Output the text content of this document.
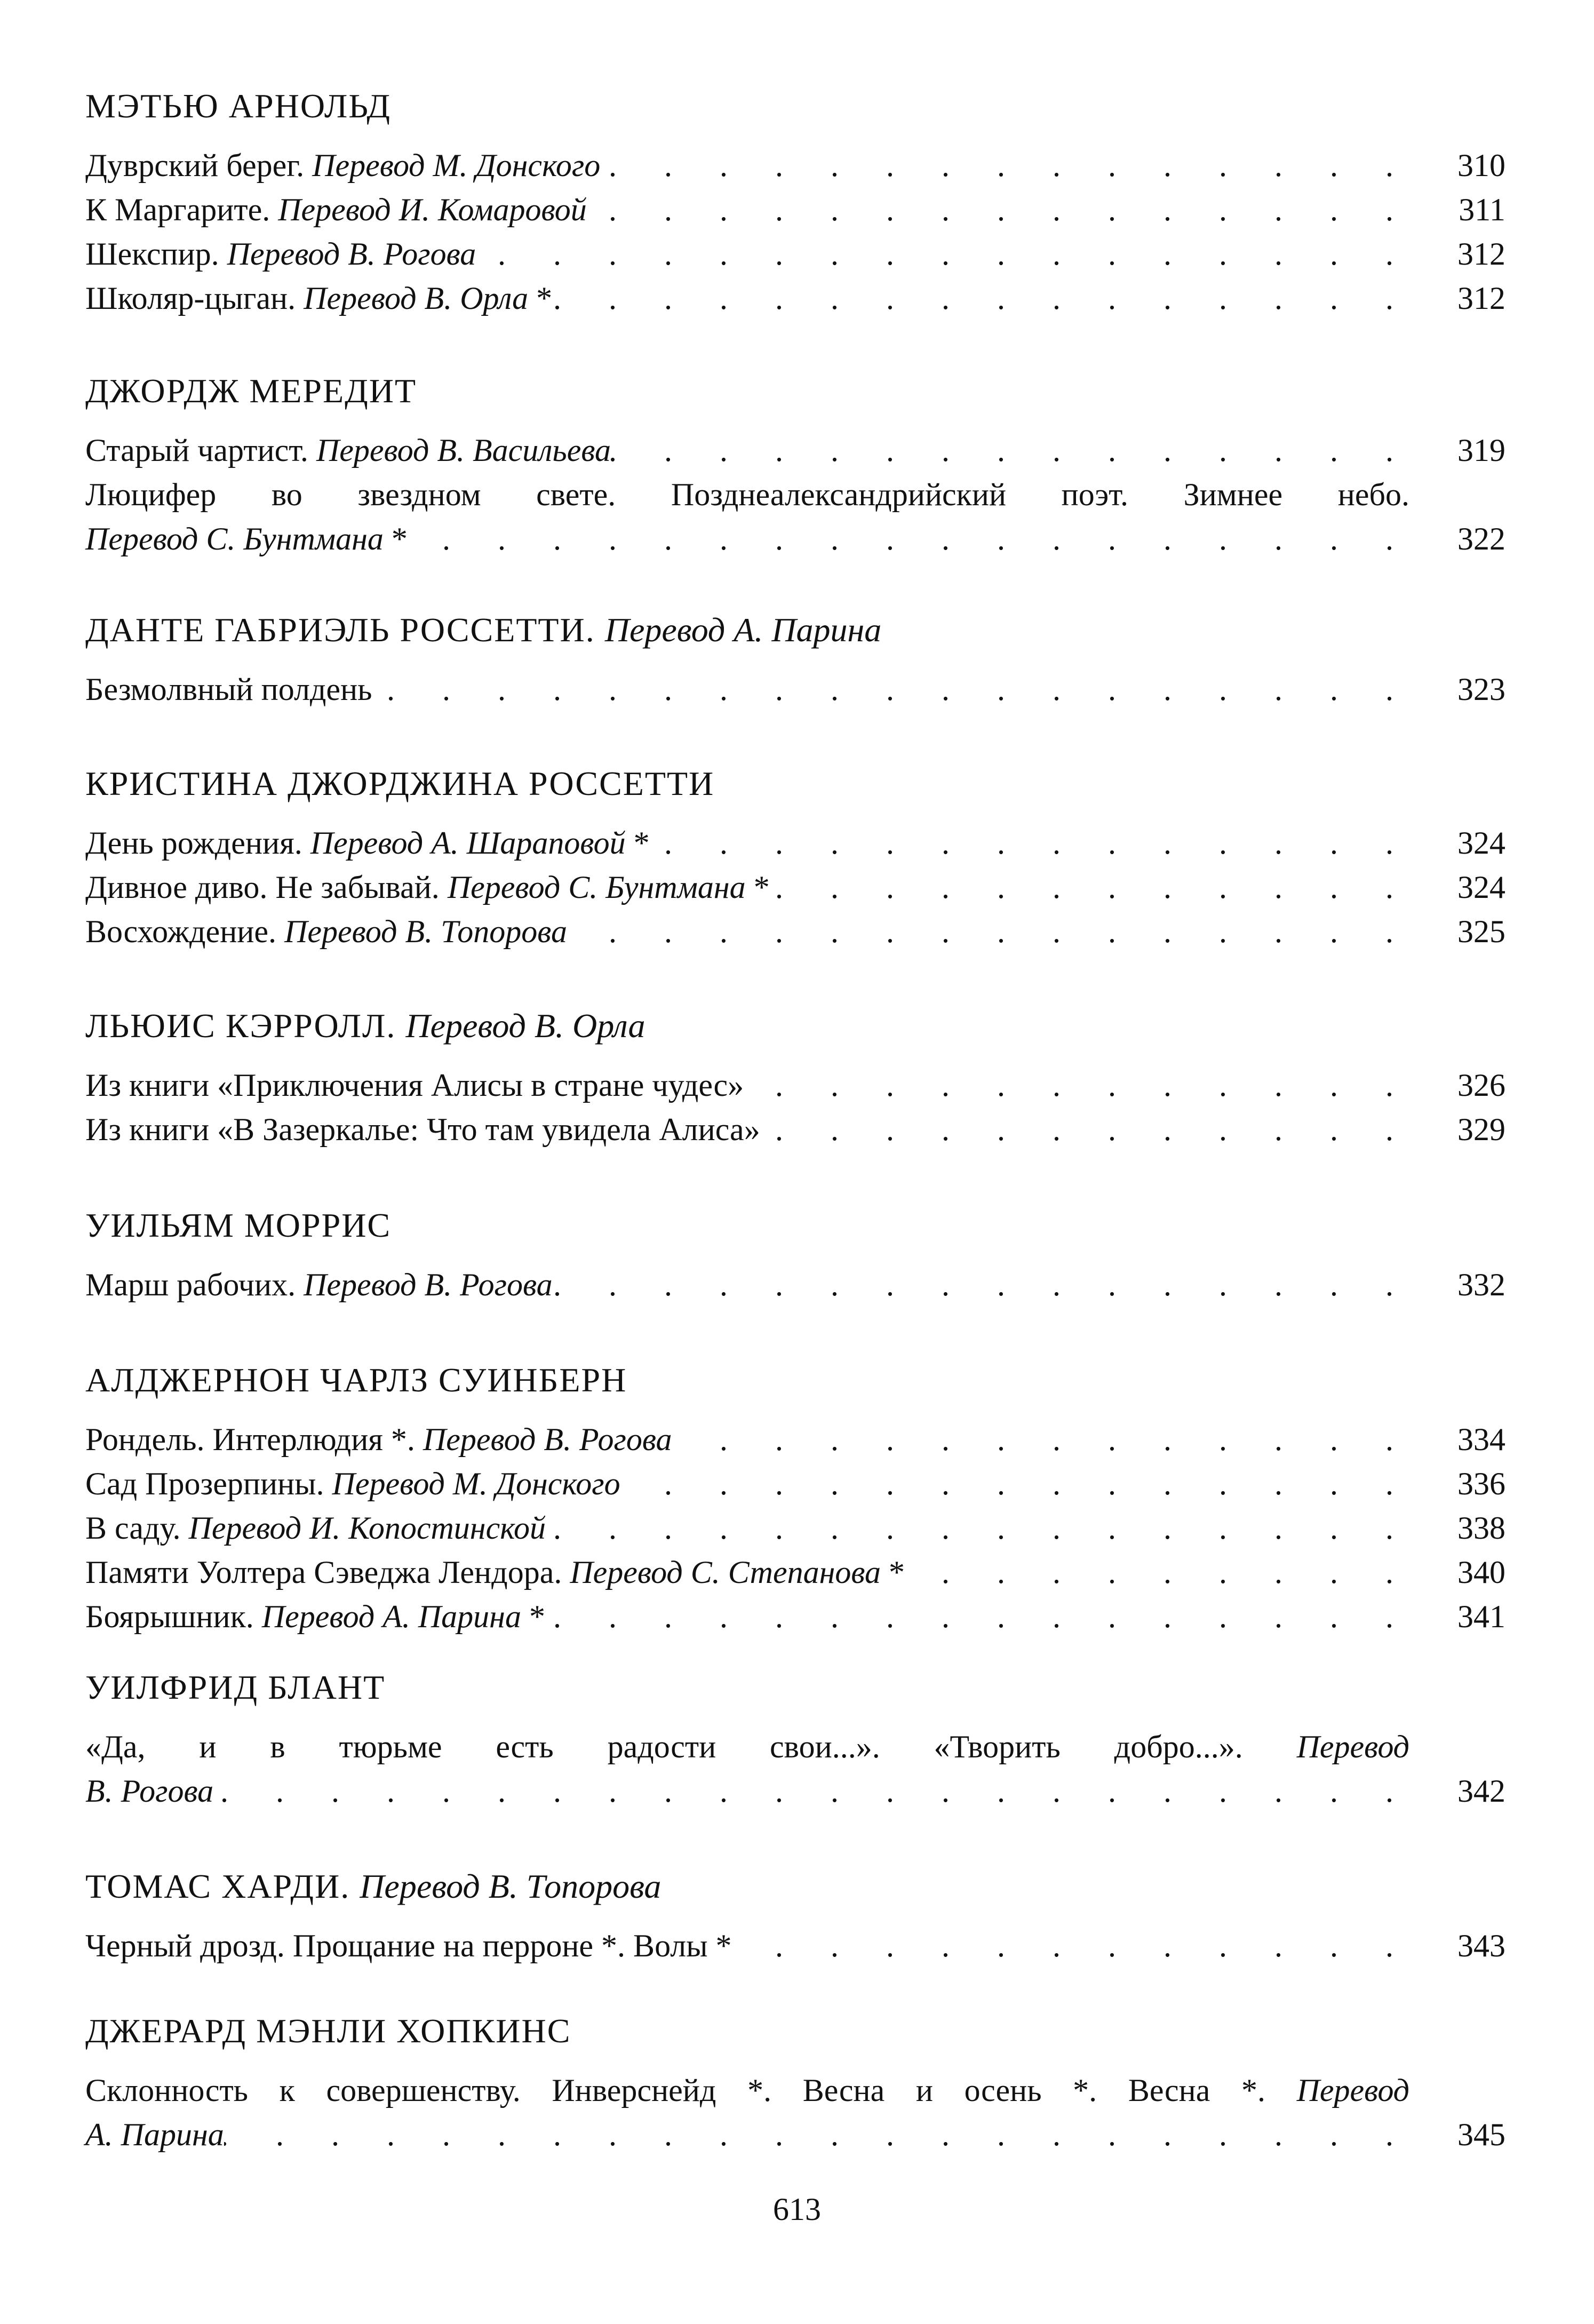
МЭТЬЮ АРНОЛЬД
Дуврский берег. Перевод М. Донского . . .	310
К Маргарите. Перевод И. Комаровой . . .	311
Шекспир. Перевод В. Рогова . . .	312
Школяр-цыган. Перевод В. Орла * . . .	312
ДЖОРДЖ МЕРЕДИТ
Старый чартист. Перевод В. Васильева . . .	319
Люцифер во звездном свете. Позднеалександрийский поэт. Зимнее небо.
Перевод С. Бунтмана * . . .	322
ДАНТЕ ГАБРИЭЛЬ РОССЕТТИ. Перевод А. Парина
Безмолвный полдень . . .	323
КРИСТИНА ДЖОРДЖИНА РОССЕТТИ
День рождения. Перевод А. Шараповой * . . .	324
Дивное диво. Не забывай. Перевод С. Бунтмана * . . .	324
Восхождение. Перевод В. Топорова . . .	325
ЛЬЮИС КЭРРОЛЛ. Перевод В. Орла
Из книги «Приключения Алисы в стране чудес» . . .	326
Из книги «В Зазеркалье: Что там увидела Алиса» . . .	329
УИЛЬЯМ МОРРИС
Марш рабочих. Перевод В. Рогова . . .	332
АЛДЖЕРНОН ЧАРЛЗ СУИНБЕРН
Рондель. Интерлюдия *. Перевод В. Рогова . . .	334
Сад Прозерпины. Перевод М. Донского . . .	336
В саду. Перевод И. Копостинской . . .	338
Памяти Уолтера Сэведжа Лендора. Перевод С. Степанова * . . .	340
Боярышник. Перевод А. Парина * . . .	341
УИЛФРИД БЛАНТ
«Да, и в тюрьме есть радости свои...». «Творить добро...». Перевод
В. Рогова . . .	342
ТОМАС ХАРДИ. Перевод В. Топорова
Черный дрозд. Прощание на перроне *. Волы * . . .	343
ДЖЕРАРД МЭНЛИ ХОПКИНС
Склонность к совершенству. Инверснейд *. Весна и осень *. Весна *. Перевод
А. Парина . . .	345
613
